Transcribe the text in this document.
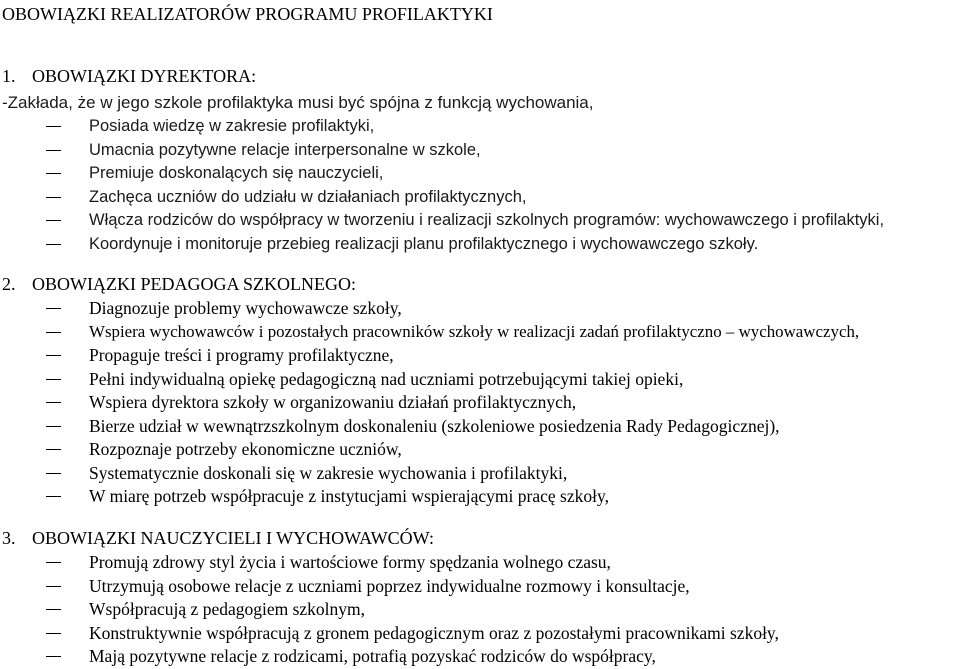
OBOWIĄZKI REALIZATORÓW PROGRAMU PROFILAKTYKI
1. OBOWIĄZKI DYREKTORA:
-Zakłada, że w jego szkole profilaktyka musi być spójna z funkcją wychowania,
Posiada wiedzę w zakresie profilaktyki,
Umacnia pozytywne relacje interpersonalne w szkole,
Premiuje doskonalących się nauczycieli,
Zachęca uczniów do udziału w działaniach profilaktycznych,
Włącza rodziców do współpracy w tworzeniu i realizacji szkolnych programów: wychowawczego i profilaktyki,
Koordynuje i monitoruje przebieg realizacji planu profilaktycznego i wychowawczego szkoły.
2. OBOWIĄZKI PEDAGOGA SZKOLNEGO:
Diagnozuje problemy wychowawcze szkoły,
Wspiera wychowawców i pozostałych pracowników szkoły w realizacji zadań profilaktyczno – wychowawczych,
Propaguje treści i programy profilaktyczne,
Pełni indywidualną opiekę pedagogiczną nad uczniami potrzebującymi takiej opieki,
Wspiera dyrektora szkoły w organizowaniu działań profilaktycznych,
Bierze udział w wewnątrzszkolnym doskonaleniu (szkoleniowe posiedzenia Rady Pedagogicznej),
Rozpoznaje potrzeby ekonomiczne uczniów,
Systematycznie doskonali się w zakresie wychowania i profilaktyki,
W miarę potrzeb współpracuje z instytucjami wspierającymi pracę szkoły,
3. OBOWIĄZKI NAUCZYCIELI I WYCHOWAWCÓW:
Promują zdrowy styl życia i wartościowe formy spędzania wolnego czasu,
Utrzymują osobowe relacje z uczniami poprzez indywidualne rozmowy i konsultacje,
Współpracują z pedagogiem szkolnym,
Konstruktywnie współpracują z gronem pedagogicznym oraz z pozostałymi pracownikami szkoły,
Mają pozytywne relacje z rodzicami, potrafią pozyskać rodziców do współpracy,
